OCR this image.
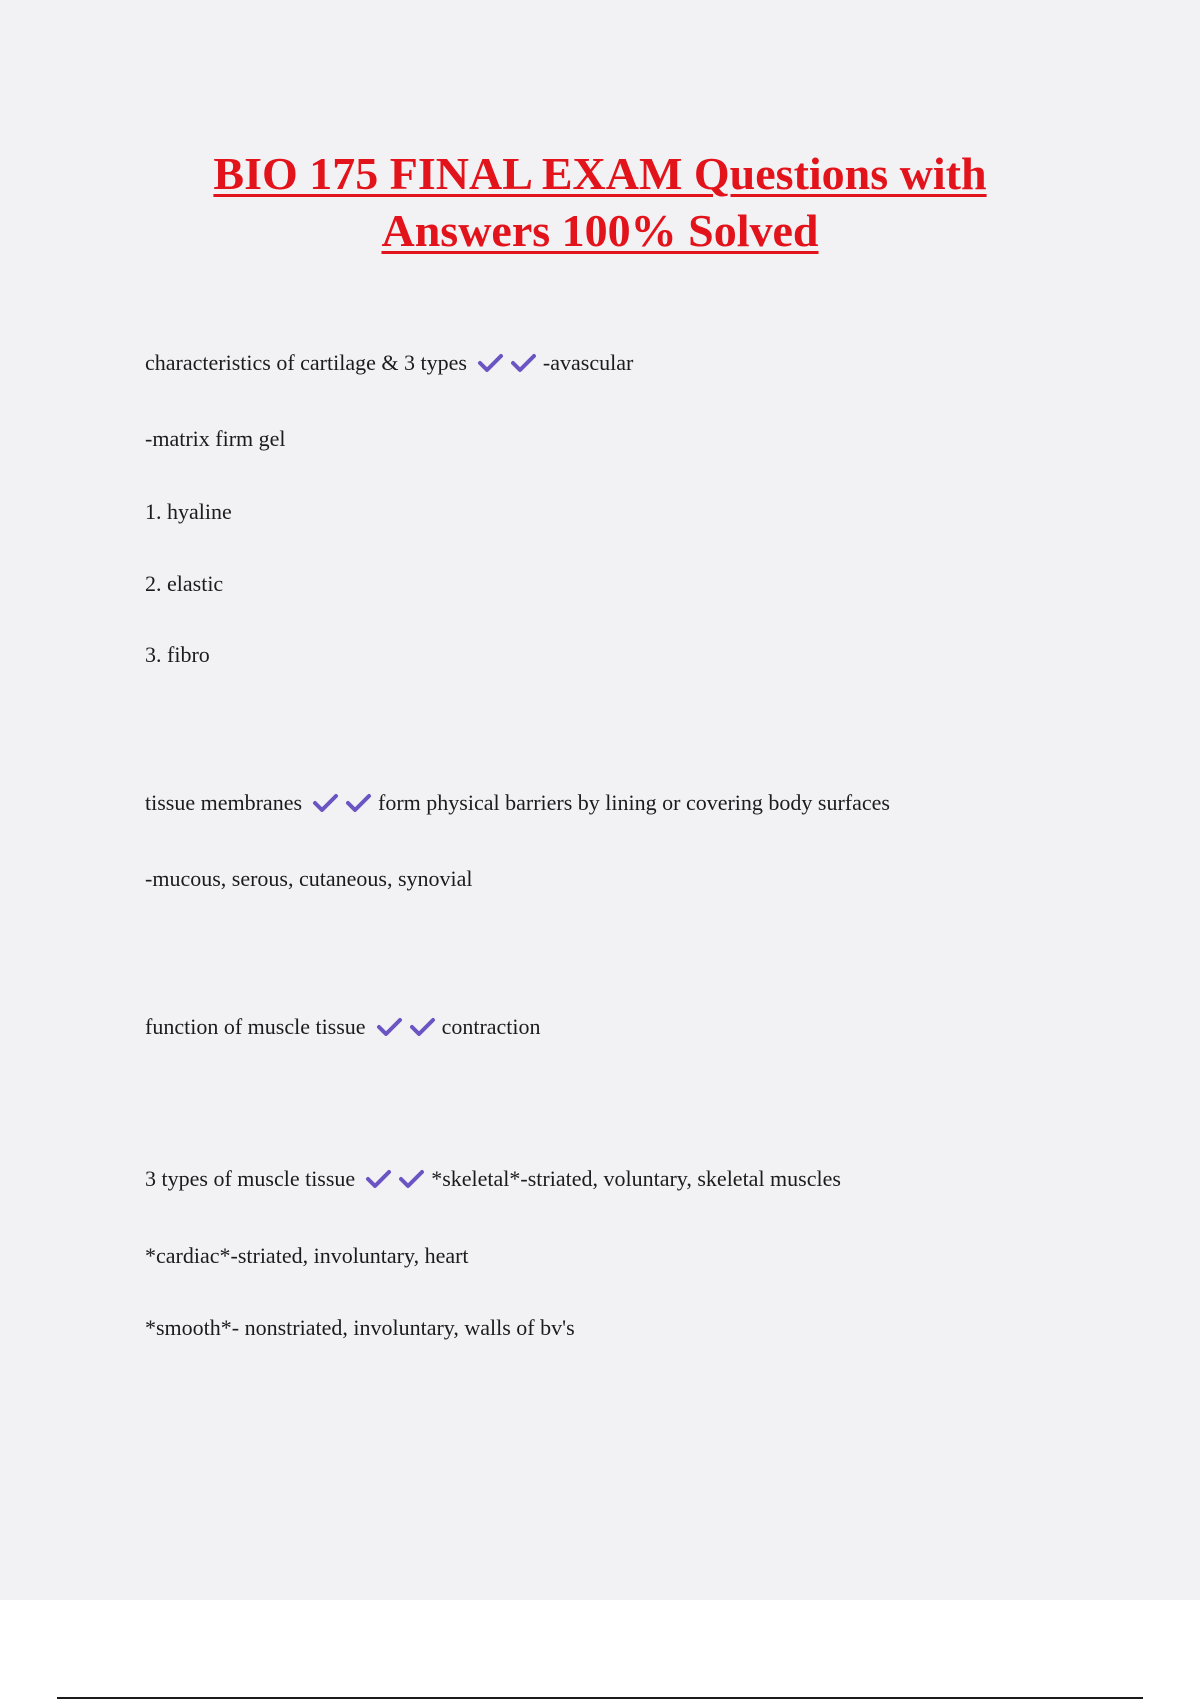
BIO 175 FINAL EXAM Questions with
Answers 100% Solved

characteristics of cartilage & 3 types	-avascular

-matrix firm gel

1. hyaline

2. elastic

3. fibro

tissue membranes	form physical barriers by lining or covering body surfaces

-mucous, serous, cutaneous, synovial

function of muscle tissue	contraction

3 types of muscle tissue	*skeletal*-striated, voluntary, skeletal muscles

*cardiac*-striated, involuntary, heart

*smooth*- nonstriated, involuntary, walls of bv's
